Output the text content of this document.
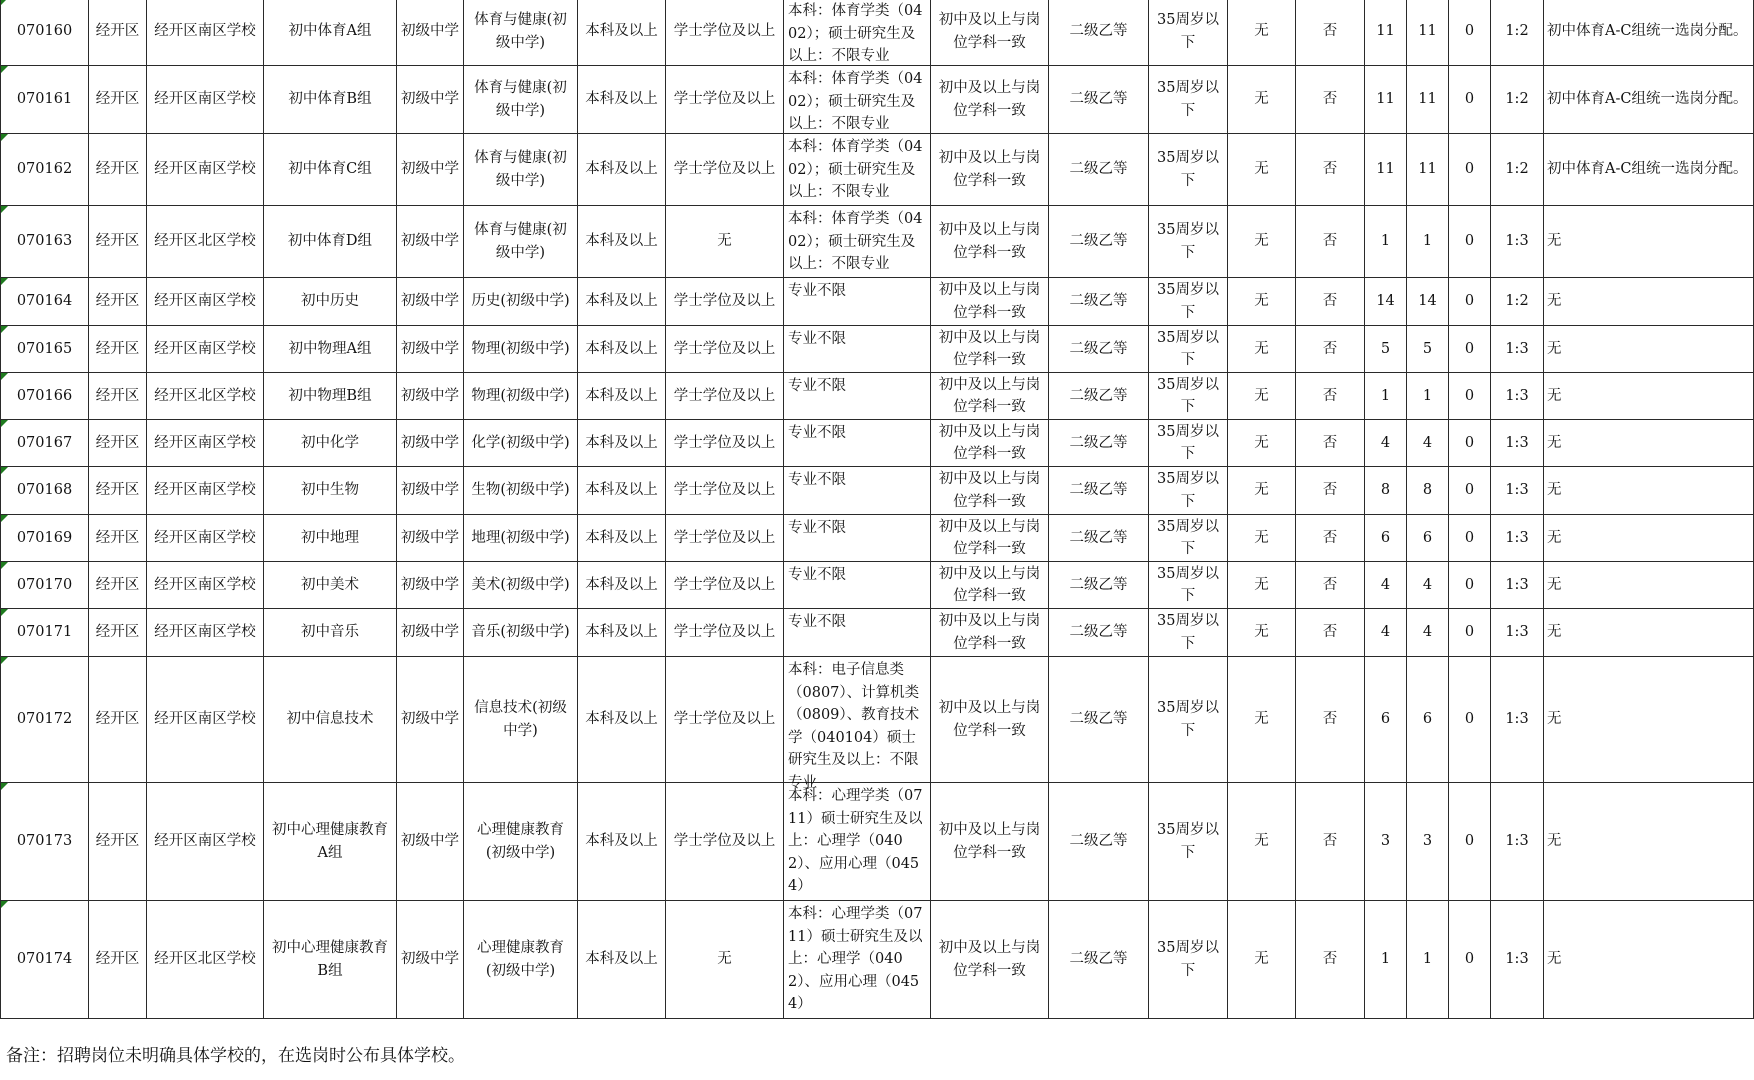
070160	经开区	经开区南区学校	初中体育A组	初级中学	体育与健康(初级中学)	本科及以上	学士学位及以上	本科：体育学类（0402）；硕士研究生及以上：不限专业	初中及以上与岗位学科一致	二级乙等	35周岁以下	无	否	11	11	0	1:2	初中体育A-C组统一选岗分配。
070161	经开区	经开区南区学校	初中体育B组	初级中学	体育与健康(初级中学)	本科及以上	学士学位及以上	本科：体育学类（0402）；硕士研究生及以上：不限专业	初中及以上与岗位学科一致	二级乙等	35周岁以下	无	否	11	11	0	1:2	初中体育A-C组统一选岗分配。
070162	经开区	经开区南区学校	初中体育C组	初级中学	体育与健康(初级中学)	本科及以上	学士学位及以上	本科：体育学类（0402）；硕士研究生及以上：不限专业	初中及以上与岗位学科一致	二级乙等	35周岁以下	无	否	11	11	0	1:2	初中体育A-C组统一选岗分配。
070163	经开区	经开区北区学校	初中体育D组	初级中学	体育与健康(初级中学)	本科及以上	无	本科：体育学类（0402）；硕士研究生及以上：不限专业	初中及以上与岗位学科一致	二级乙等	35周岁以下	无	否	1	1	0	1:3	无
070164	经开区	经开区南区学校	初中历史	初级中学	历史(初级中学)	本科及以上	学士学位及以上	专业不限	初中及以上与岗位学科一致	二级乙等	35周岁以下	无	否	14	14	0	1:2	无
070165	经开区	经开区南区学校	初中物理A组	初级中学	物理(初级中学)	本科及以上	学士学位及以上	专业不限	初中及以上与岗位学科一致	二级乙等	35周岁以下	无	否	5	5	0	1:3	无
070166	经开区	经开区北区学校	初中物理B组	初级中学	物理(初级中学)	本科及以上	学士学位及以上	专业不限	初中及以上与岗位学科一致	二级乙等	35周岁以下	无	否	1	1	0	1:3	无
070167	经开区	经开区南区学校	初中化学	初级中学	化学(初级中学)	本科及以上	学士学位及以上	专业不限	初中及以上与岗位学科一致	二级乙等	35周岁以下	无	否	4	4	0	1:3	无
070168	经开区	经开区南区学校	初中生物	初级中学	生物(初级中学)	本科及以上	学士学位及以上	专业不限	初中及以上与岗位学科一致	二级乙等	35周岁以下	无	否	8	8	0	1:3	无
070169	经开区	经开区南区学校	初中地理	初级中学	地理(初级中学)	本科及以上	学士学位及以上	专业不限	初中及以上与岗位学科一致	二级乙等	35周岁以下	无	否	6	6	0	1:3	无
070170	经开区	经开区南区学校	初中美术	初级中学	美术(初级中学)	本科及以上	学士学位及以上	专业不限	初中及以上与岗位学科一致	二级乙等	35周岁以下	无	否	4	4	0	1:3	无
070171	经开区	经开区南区学校	初中音乐	初级中学	音乐(初级中学)	本科及以上	学士学位及以上	专业不限	初中及以上与岗位学科一致	二级乙等	35周岁以下	无	否	4	4	0	1:3	无
070172	经开区	经开区南区学校	初中信息技术	初级中学	信息技术(初级中学)	本科及以上	学士学位及以上	本科：电子信息类（0807）、计算机类（0809）、教育技术学（040104）硕士研究生及以上：不限专业	初中及以上与岗位学科一致	二级乙等	35周岁以下	无	否	6	6	0	1:3	无
070173	经开区	经开区南区学校	初中心理健康教育A组	初级中学	心理健康教育(初级中学)	本科及以上	学士学位及以上	本科：心理学类（0711）硕士研究生及以上：心理学（0402）、应用心理（0454）	初中及以上与岗位学科一致	二级乙等	35周岁以下	无	否	3	3	0	1:3	无
070174	经开区	经开区北区学校	初中心理健康教育B组	初级中学	心理健康教育(初级中学)	本科及以上	无	本科：心理学类（0711）硕士研究生及以上：心理学（0402）、应用心理（0454）	初中及以上与岗位学科一致	二级乙等	35周岁以下	无	否	1	1	0	1:3	无
备注：招聘岗位未明确具体学校的，在选岗时公布具体学校。
